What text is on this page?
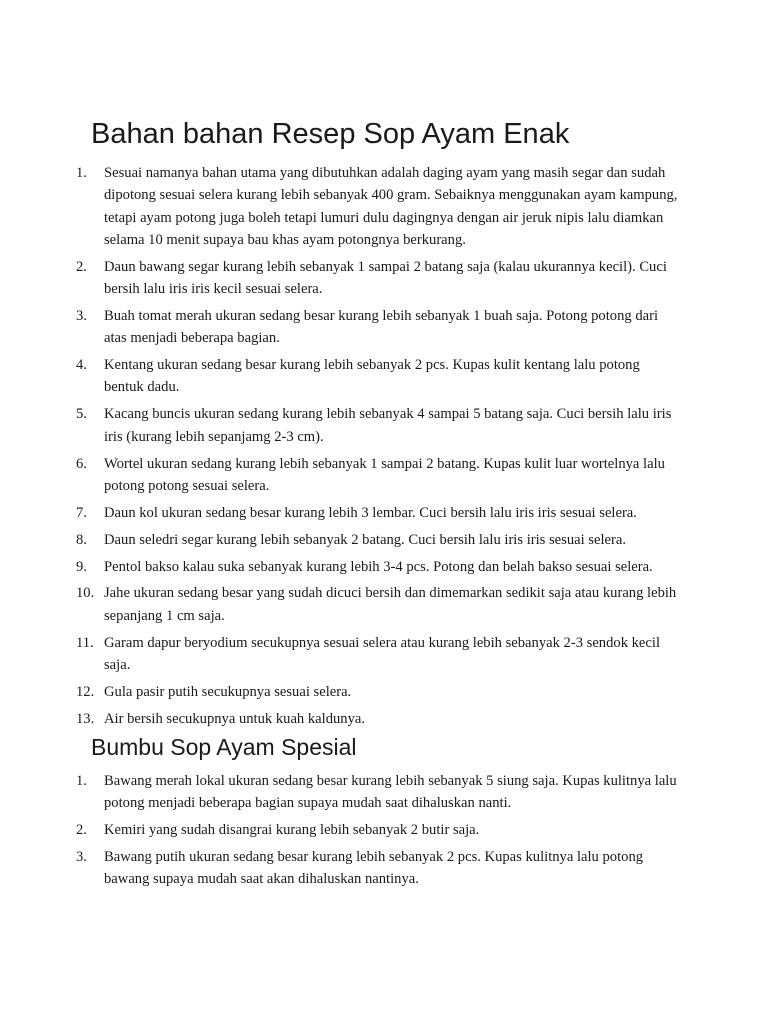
Bahan bahan Resep Sop Ayam Enak
1.	Sesuai namanya bahan utama yang dibutuhkan adalah daging ayam yang masih segar dan sudah dipotong sesuai selera kurang lebih sebanyak 400 gram. Sebaiknya menggunakan ayam kampung, tetapi ayam potong juga boleh tetapi lumuri dulu dagingnya dengan air jeruk nipis lalu diamkan selama 10 menit supaya bau khas ayam potongnya berkurang.
2.	Daun bawang segar kurang lebih sebanyak 1 sampai 2 batang saja (kalau ukurannya kecil). Cuci bersih lalu iris iris kecil sesuai selera.
3.	Buah tomat merah ukuran sedang besar kurang lebih sebanyak 1 buah saja. Potong potong dari atas menjadi beberapa bagian.
4.	Kentang ukuran sedang besar kurang lebih sebanyak 2 pcs. Kupas kulit kentang lalu potong bentuk dadu.
5.	Kacang buncis ukuran sedang kurang lebih sebanyak 4 sampai 5 batang saja. Cuci bersih lalu iris iris (kurang lebih sepanjamg 2-3 cm).
6.	Wortel ukuran sedang kurang lebih sebanyak 1 sampai 2 batang. Kupas kulit luar wortelnya lalu potong potong sesuai selera.
7.	Daun kol ukuran sedang besar kurang lebih 3 lembar. Cuci bersih lalu iris iris sesuai selera.
8.	Daun seledri segar kurang lebih sebanyak 2 batang. Cuci bersih lalu iris iris sesuai selera.
9.	Pentol bakso kalau suka sebanyak kurang lebih 3-4 pcs. Potong dan belah bakso sesuai selera.
10. Jahe ukuran sedang besar yang sudah dicuci bersih dan dimemarkan sedikit saja atau kurang lebih sepanjang 1 cm saja.
11. Garam dapur beryodium secukupnya sesuai selera atau kurang lebih sebanyak 2-3 sendok kecil saja.
12. Gula pasir putih secukupnya sesuai selera.
13. Air bersih secukupnya untuk kuah kaldunya.
Bumbu Sop Ayam Spesial
1.	Bawang merah lokal ukuran sedang besar kurang lebih sebanyak 5 siung saja. Kupas kulitnya lalu potong menjadi beberapa bagian supaya mudah saat dihaluskan nanti.
2.	Kemiri yang sudah disangrai kurang lebih sebanyak 2 butir saja.
3.	Bawang putih ukuran sedang besar kurang lebih sebanyak 2 pcs. Kupas kulitnya lalu potong bawang supaya mudah saat akan dihaluskan nantinya.
